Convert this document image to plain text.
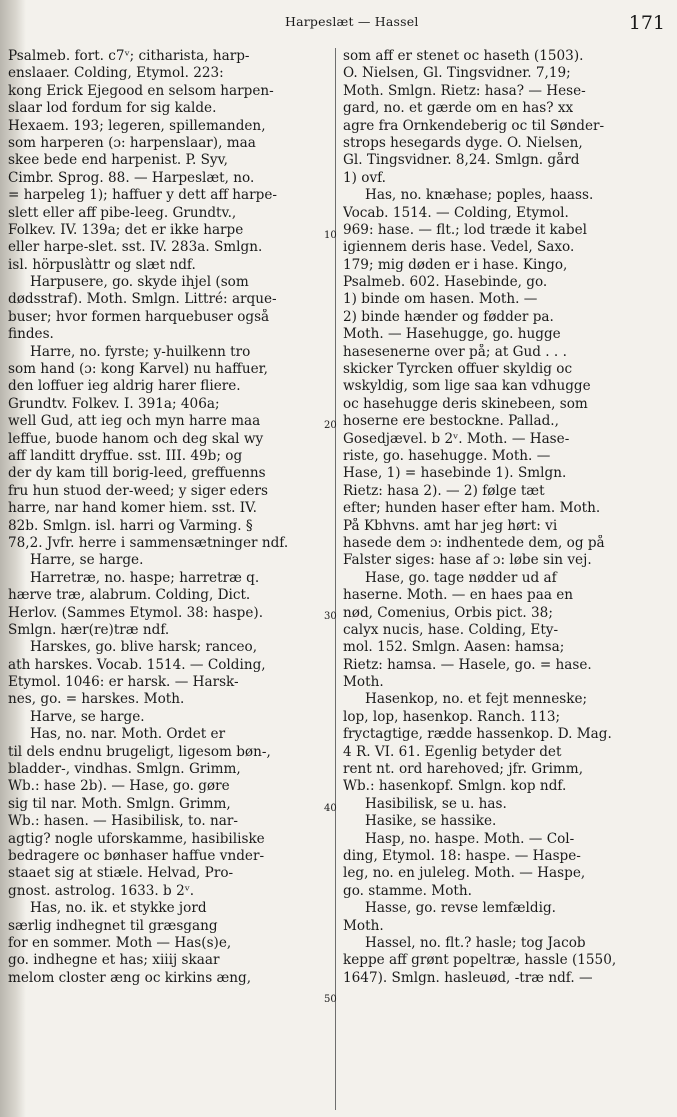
Harpeslæt — Hassel	171
Psalmeb. fort. c7ᵛ; citharista, harp-
enslaaer. Colding, Etymol. 223:
kong Erick Ejegood en selsom harpen-
slaar lod fordum for sig kalde.
Hexaem. 193; legeren, spillemanden,
som harperen (ɔ: harpenslaar), maa
skee bede end harpenist. P. Syv,
Cimbr. Sprog. 88. — Harpeslæt, no.
= harpeleg 1); haffuer y dett aff harpe-
slett eller aff pibe-leeg. Grundtv.,
Folkev. IV. 139a; det er ikke harpe
eller harpe-slet. sst. IV. 283a. Smlgn.
isl. hörpuslàttr og slæt ndf.
Harpusere, go. skyde ihjel (som
dødsstraf). Moth. Smlgn. Littré: arque-
buser; hvor formen harquebuser også
findes.
Harre, no. fyrste; y-huilkenn tro
som hand (ɔ: kong Karvel) nu haffuer,
den loffuer ieg aldrig harer fliere.
Grundtv. Folkev. I. 391a; 406a;
well Gud, att ieg och myn harre maa
leffue, buode hanom och deg skal wy
aff landitt dryffue. sst. III. 49b; og
der dy kam till borig-leed, greffuenns
fru hun stuod der-weed; y siger eders
harre, nar hand komer hiem. sst. IV.
82b. Smlgn. isl. harri og Varming. §
78,2. Jvfr. herre i sammensætninger ndf.
Harre, se harge.
Harretræ, no. haspe; harretræ q.
hærve træ, alabrum. Colding, Dict.
Herlov. (Sammes Etymol. 38: haspe).
Smlgn. hær(re)træ ndf.
Harskes, go. blive harsk; ranceo,
ath harskes. Vocab. 1514. — Colding,
Etymol. 1046: er harsk. — Harsk-
nes, go. = harskes. Moth.
Harve, se harge.
Has, no. nar. Moth. Ordet er
til dels endnu brugeligt, ligesom bøn-,
bladder-, vindhas. Smlgn. Grimm,
Wb.: hase 2b). — Hase, go. gøre
sig til nar. Moth. Smlgn. Grimm,
Wb.: hasen. — Hasibilisk, to. nar-
agtig? nogle uforskamme, hasibiliske
bedragere oc bønhaser haffue vnder-
staaet sig at stiæle. Helvad, Pro-
gnost. astrolog. 1633. b 2ᵛ.
Has, no. ik. et stykke jord
særlig indhegnet til græsgang
for en sommer. Moth — Has(s)e,
go. indhegne et has; xiiij skaar
melom closter æng oc kirkins æng,
som aff er stenet oc haseth (1503).
O. Nielsen, Gl. Tingsvidner. 7,19;
Moth. Smlgn. Rietz: hasa? — Hese-
gard, no. et gærde om en has? xx
agre fra Ornkendeberig oc til Sønder-
strops hesegards dyge. O. Nielsen,
Gl. Tingsvidner. 8,24. Smlgn. gård
1) ovf.
Has, no. knæhase; poples, haass.
Vocab. 1514. — Colding, Etymol.
969: hase. — flt.; lod træde it kabel
igiennem deris hase. Vedel, Saxo.
179; mig døden er i hase. Kingo,
Psalmeb. 602. Hasebinde, go.
1) binde om hasen. Moth. —
2) binde hænder og fødder pa.
Moth. — Hasehugge, go. hugge
hasesenerne over på; at Gud . . .
skicker Tyrcken offuer skyldig oc
wskyldig, som lige saa kan vdhugge
oc hasehugge deris skinebeen, som
hoserne ere bestockne. Pallad.,
Gosedjævel. b 2ᵛ. Moth. — Hase-
riste, go. hasehugge. Moth. —
Hase, 1) = hasebinde 1). Smlgn.
Rietz: hasa 2). — 2) følge tæt
efter; hunden haser efter ham. Moth.
På Kbhvns. amt har jeg hørt: vi
hasede dem ɔ: indhentede dem, og på
Falster siges: hase af ɔ: løbe sin vej.
Hase, go. tage nødder ud af
haserne. Moth. — en haes paa en
nød, Comenius, Orbis pict. 38;
calyx nucis, hase. Colding, Ety-
mol. 152. Smlgn. Aasen: hamsa;
Rietz: hamsa. — Hasele, go. = hase.
Moth.
Hasenkop, no. et fejt menneske;
lop, lop, hasenkop. Ranch. 113;
fryctagtige, rædde hassenkop. D. Mag.
4 R. VI. 61. Egenlig betyder det
rent nt. ord harehoved; jfr. Grimm,
Wb.: hasenkopf. Smlgn. kop ndf.
Hasibilisk, se u. has.
Hasike, se hassike.
Hasp, no. haspe. Moth. — Col-
ding, Etymol. 18: haspe. — Haspe-
leg, no. en juleleg. Moth. — Haspe,
go. stamme. Moth.
Hasse, go. revse lemfældig.
Moth.
Hassel, no. flt.? hasle; tog Jacob
keppe aff grønt popeltræ, hassle (1550,
1647). Smlgn. hasleuød, -træ ndf. —
10
20
30
40
50
